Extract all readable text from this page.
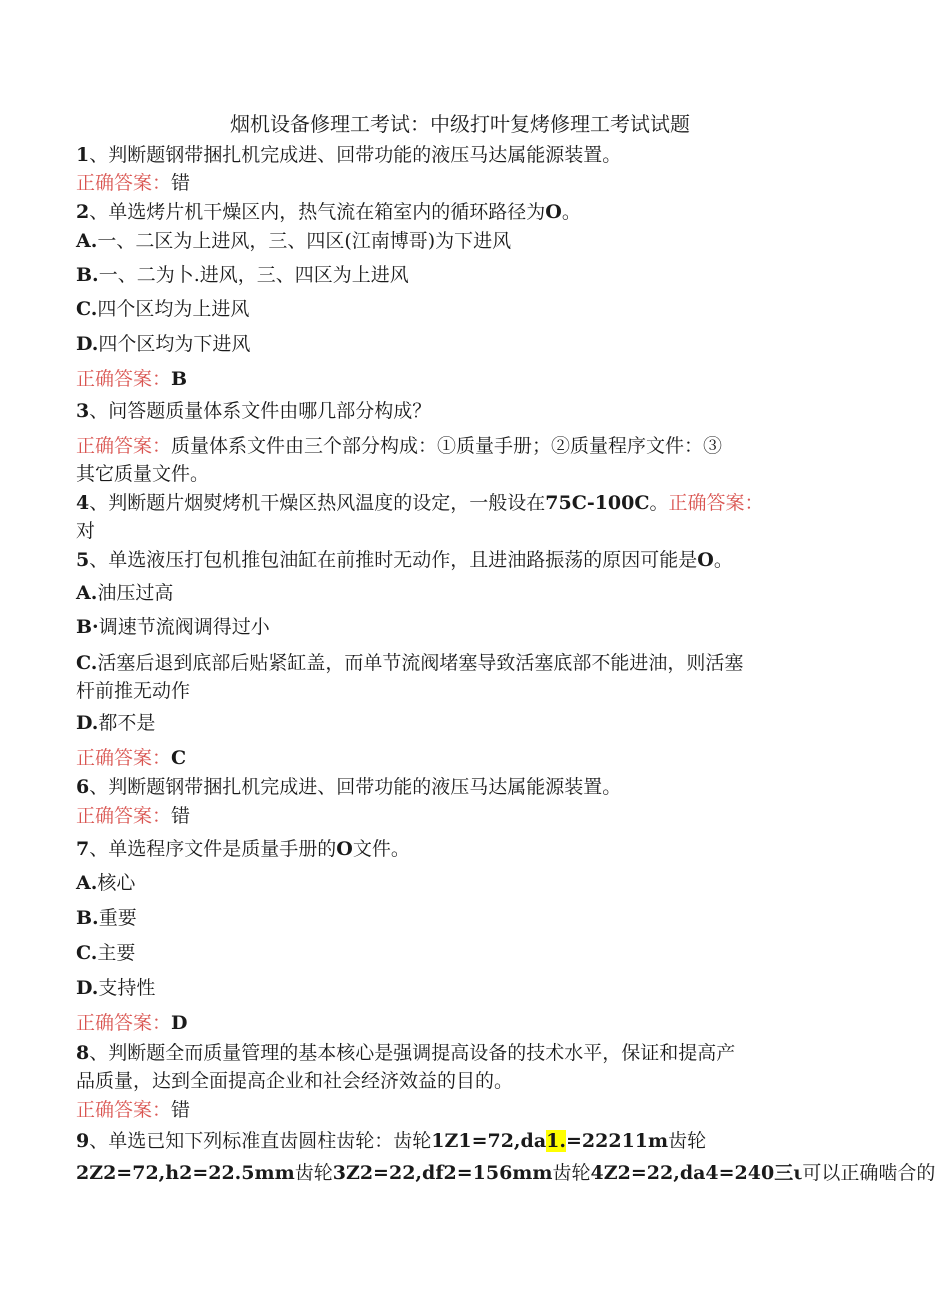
烟机设备修理工考试：中级打叶复烤修理工考试试题
1、判断题钢带捆扎机完成进、回带功能的液压马达属能源装置。
正确答案：错
2、单选烤片机干燥区内，热气流在箱室内的循环路径为O。
A.一、二区为上进风，三、四区(江南博哥)为下进风
B.一、二为卜.进风，三、四区为上进风
C.四个区均为上进风
D.四个区均为下进风
正确答案：B
3、问答题质量体系文件由哪几部分构成？
正确答案：质量体系文件由三个部分构成：①质量手册；②质量程序文件：③
其它质量文件。
4、判断题片烟熨烤机干燥区热风温度的设定，一般设在75C-100C。正确答案：
对
5、单选液压打包机推包油缸在前推时无动作，且进油路振荡的原因可能是O。
A.油压过高
B·调速节流阀调得过小
C.活塞后退到底部后贴紧缸盖，而单节流阀堵塞导致活塞底部不能进油，则活塞
杆前推无动作
D.都不是
正确答案：C
6、判断题钢带捆扎机完成进、回带功能的液压马达属能源装置。
正确答案：错
7、单选程序文件是质量手册的O文件。
A.核心
B.重要
C.主要
D.支持性
正确答案：D
8、判断题全而质量管理的基本核心是强调提高设备的技术水平，保证和提高产
品质量，达到全面提高企业和社会经济效益的目的。
正确答案：错
9、单选已知下列标准直齿圆柱齿轮：齿轮1Z1=72,da1.=22211m齿轮
2Z2=72,h2=22.5mm齿轮3Z2=22,df2=156mm齿轮4Z2=22,da4=240三ι可以正确啮合的
